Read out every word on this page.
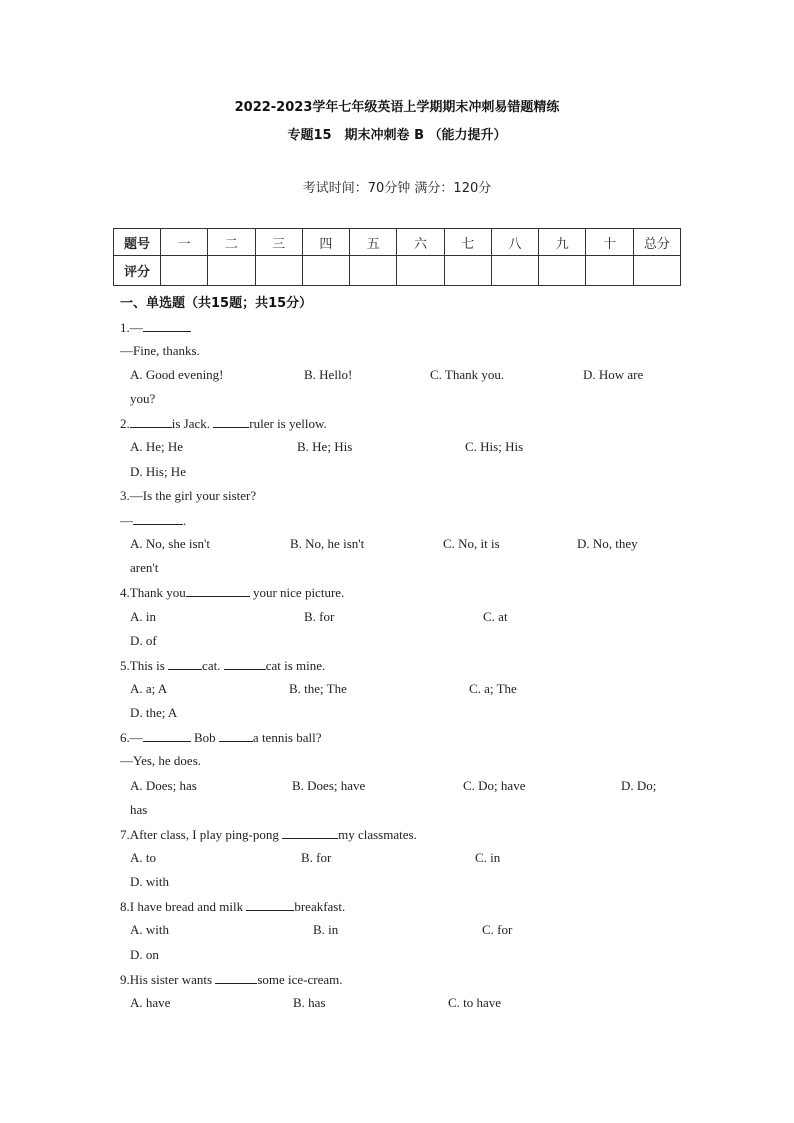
2022-2023学年七年级英语上学期期末冲刺易错题精练
专题15　期末冲刺卷 B （能力提升）
考试时间：70分钟 满分：120分
题号	一	二	三	四	五	六	七	八	九	十	总分
评分											
一、单选题（共15题；共15分）
1.—
—Fine, thanks.
A. Good evening!	B. Hello!	C. Thank you.	D. How are
you?
2.	is Jack.	ruler is yellow.
A. He; He	B. He; His	C. His; His
D. His; He
3.—Is the girl your sister?
—	.
A. No, she isn't	B. No, he isn't	C. No, it is	D. No, they
aren't
4.Thank you	your nice picture.
A. in	B. for	C. at
D. of
5.This is	cat.	cat is mine.
A. a; A	B. the; The	C. a; The
D. the; A
6.—	Bob	a tennis ball?
—Yes, he does.
A. Does; has	B. Does; have	C. Do; have	D. Do;
has
7.After class, I play ping-pong	my classmates.
A. to	B. for	C. in
D. with
8.I have bread and milk	breakfast.
A. with	B. in	C. for
D. on
9.His sister wants	some ice-cream.
A. have	B. has	C. to have
